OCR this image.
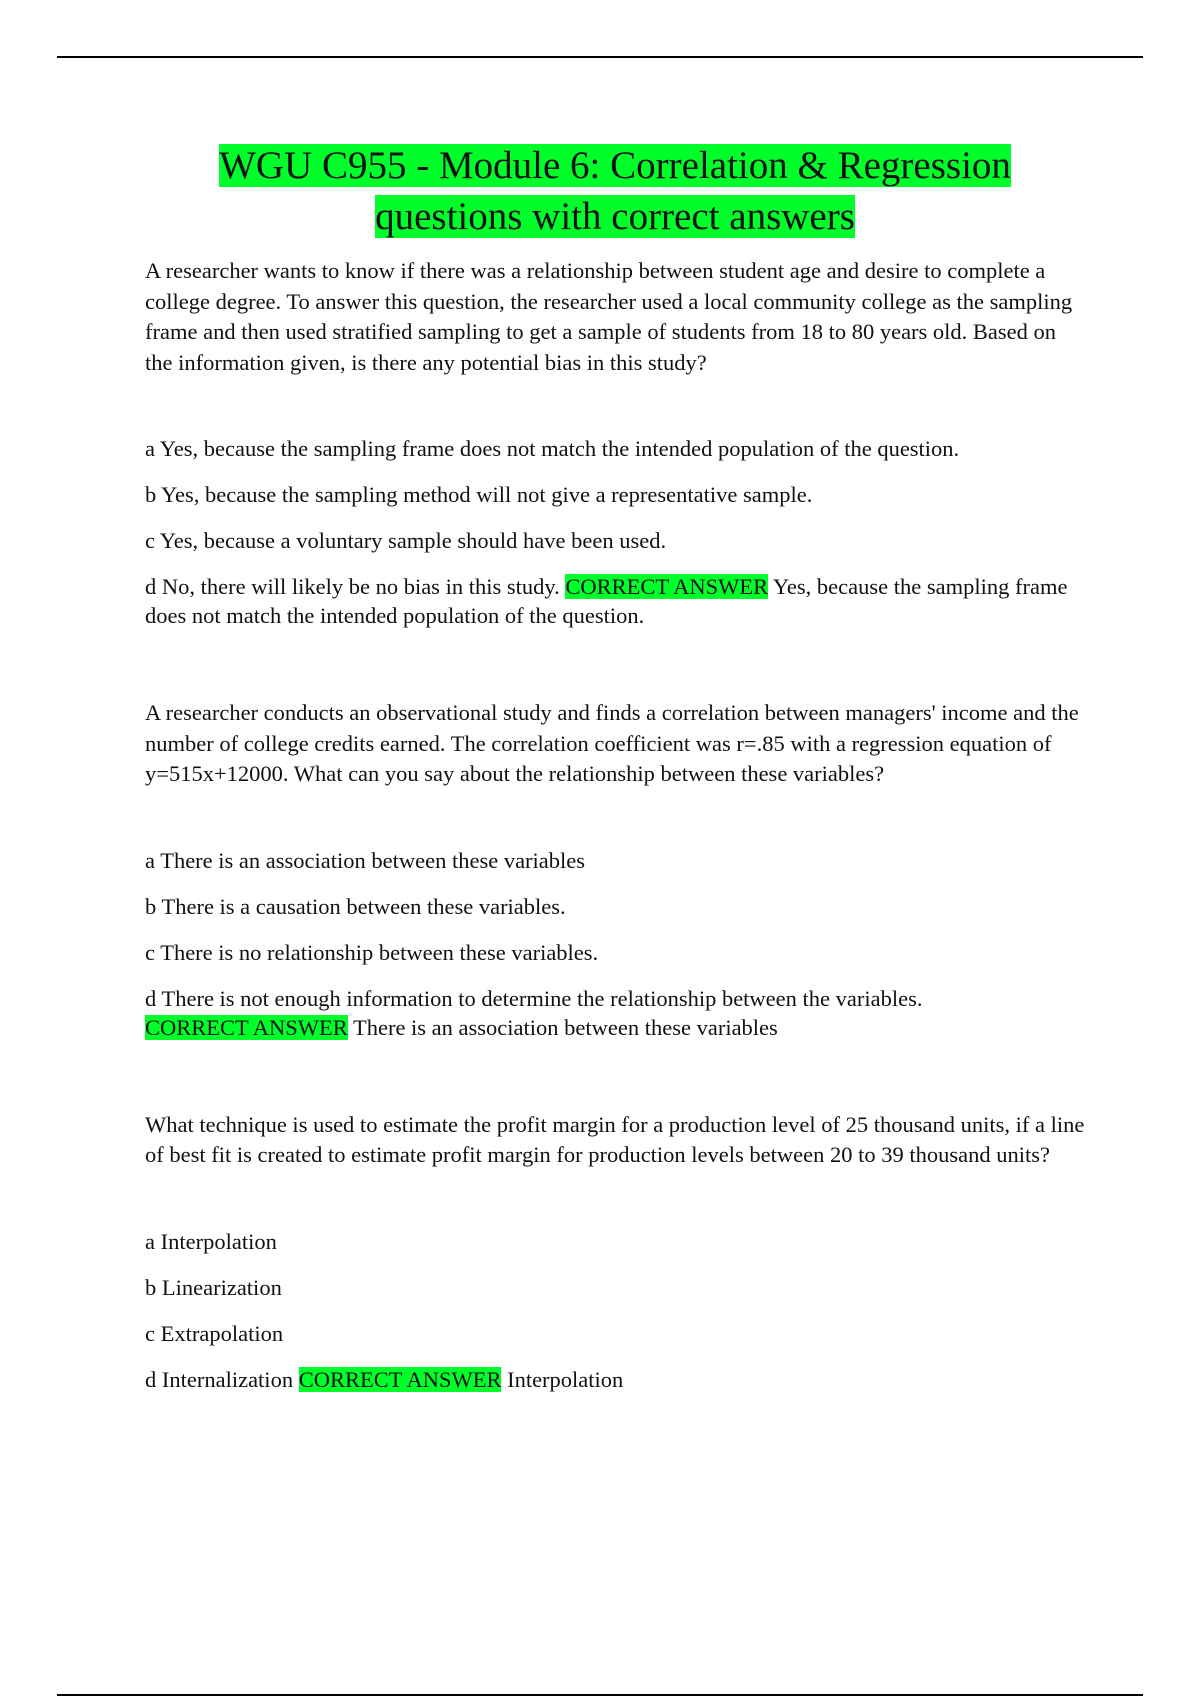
WGU C955 - Module 6: Correlation & Regression
questions with correct answers

A researcher wants to know if there was a relationship between student age and desire to complete a college degree. To answer this question, the researcher used a local community college as the sampling frame and then used stratified sampling to get a sample of students from 18 to 80 years old. Based on the information given, is there any potential bias in this study?

a Yes, because the sampling frame does not match the intended population of the question.

b Yes, because the sampling method will not give a representative sample.

c Yes, because a voluntary sample should have been used.

d No, there will likely be no bias in this study. CORRECT ANSWER Yes, because the sampling frame does not match the intended population of the question.

A researcher conducts an observational study and finds a correlation between managers' income and the number of college credits earned. The correlation coefficient was r=.85 with a regression equation of y=515x+12000. What can you say about the relationship between these variables?

a There is an association between these variables

b There is a causation between these variables.

c There is no relationship between these variables.

d There is not enough information to determine the relationship between the variables.
CORRECT ANSWER There is an association between these variables

What technique is used to estimate the profit margin for a production level of 25 thousand units, if a line of best fit is created to estimate profit margin for production levels between 20 to 39 thousand units?

a Interpolation

b Linearization

c Extrapolation

d Internalization CORRECT ANSWER Interpolation
